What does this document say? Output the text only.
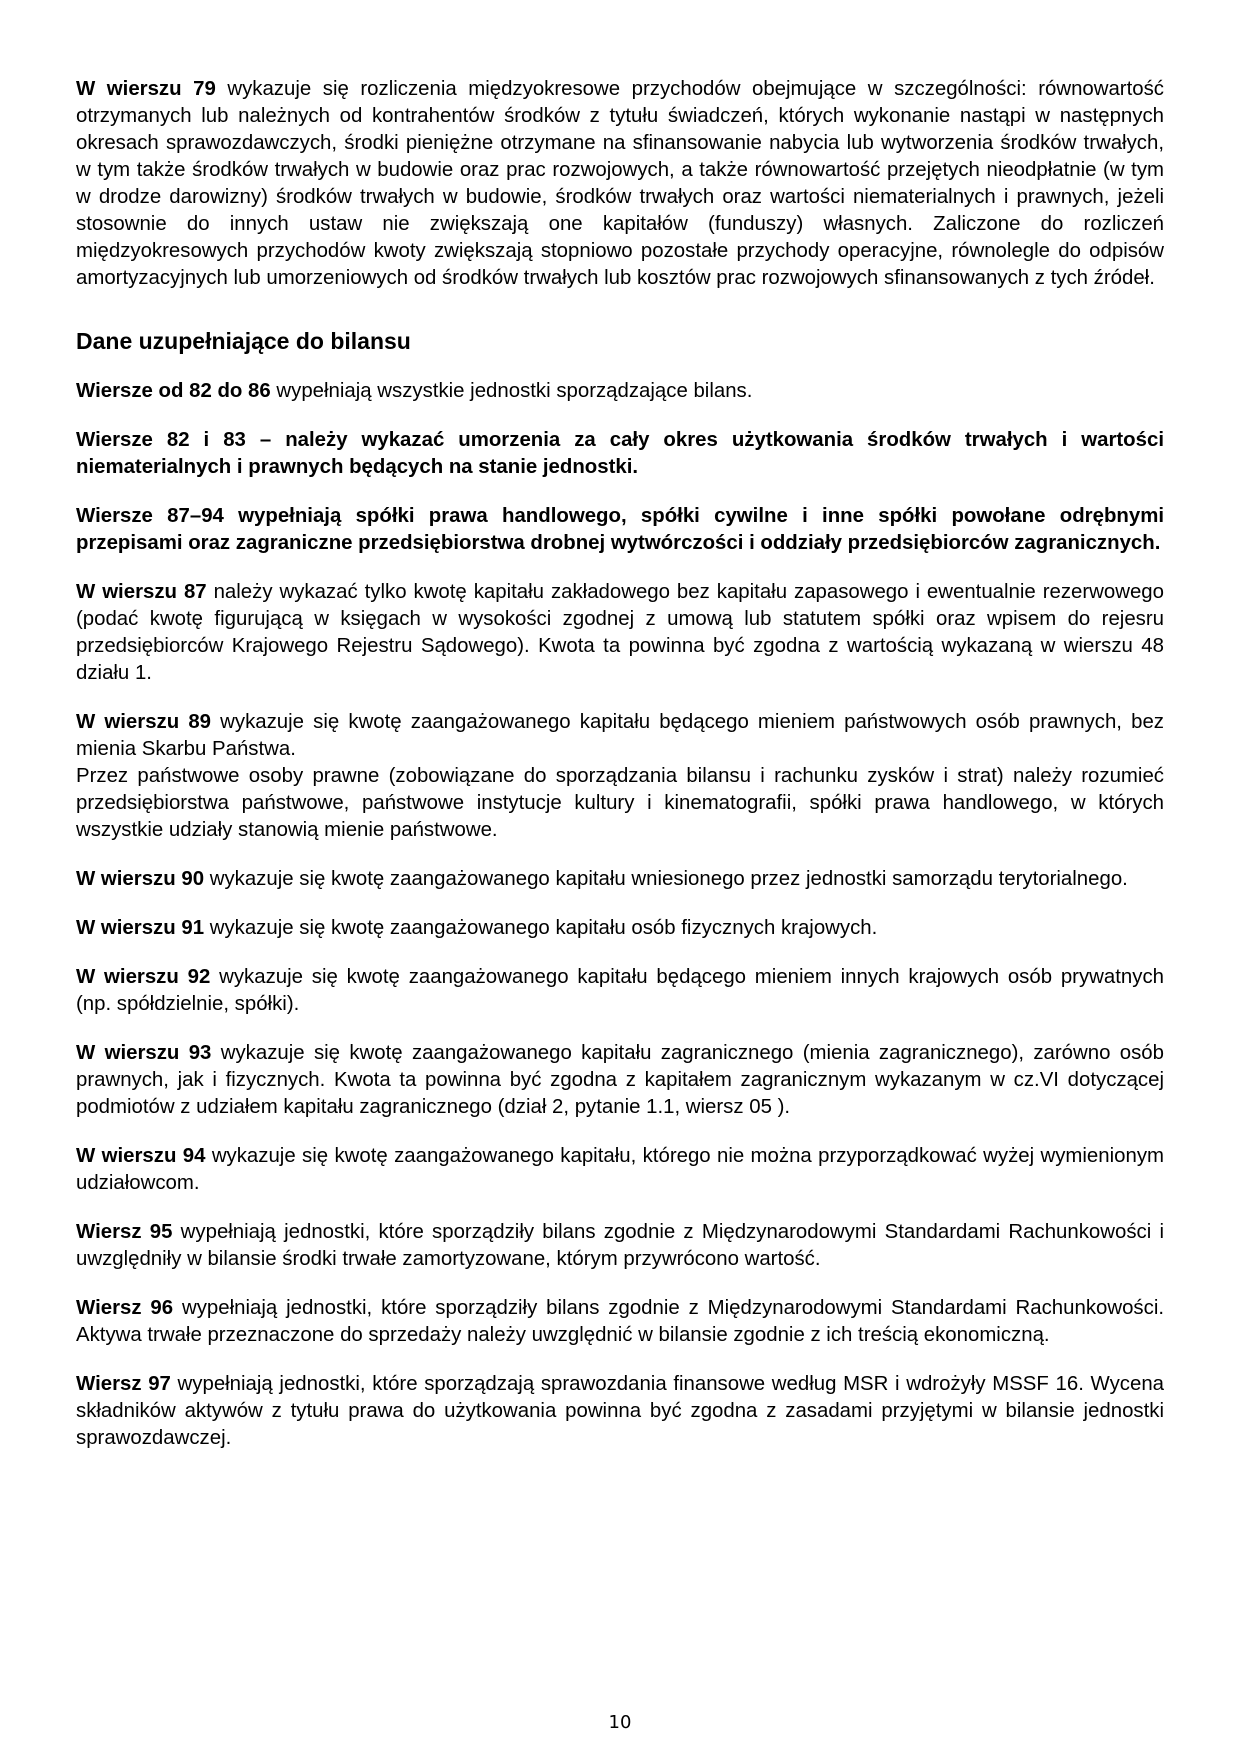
W wierszu 79 wykazuje się rozliczenia międzyokresowe przychodów obejmujące w szczególności: równowartość otrzymanych lub należnych od kontrahentów środków z tytułu świadczeń, których wykonanie nastąpi w następnych okresach sprawozdawczych, środki pieniężne otrzymane na sfinansowanie nabycia lub wytworzenia środków trwałych, w tym także środków trwałych w budowie oraz prac rozwojowych, a także równowartość przejętych nieodpłatnie (w tym w drodze darowizny) środków trwałych w budowie, środków trwałych oraz wartości niematerialnych i prawnych, jeżeli stosownie do innych ustaw nie zwiększają one kapitałów (funduszy) własnych. Zaliczone do rozliczeń międzyokresowych przychodów kwoty zwiększają stopniowo pozostałe przychody operacyjne, równolegle do odpisów amortyzacyjnych lub umorzeniowych od środków trwałych lub kosztów prac rozwojowych sfinansowanych z tych źródeł.

Dane uzupełniające do bilansu

Wiersze od 82 do 86 wypełniają wszystkie jednostki sporządzające bilans.

Wiersze 82 i 83 – należy wykazać umorzenia za cały okres użytkowania środków trwałych i wartości niematerialnych i prawnych będących na stanie jednostki.

Wiersze 87–94 wypełniają spółki prawa handlowego, spółki cywilne i inne spółki powołane odrębnymi przepisami oraz zagraniczne przedsiębiorstwa drobnej wytwórczości i oddziały przedsiębiorców zagranicznych.

W wierszu 87 należy wykazać tylko kwotę kapitału zakładowego bez kapitału zapasowego i ewentualnie rezerwowego (podać kwotę figurującą w księgach w wysokości zgodnej z umową lub statutem spółki oraz wpisem do rejesru przedsiębiorców Krajowego Rejestru Sądowego). Kwota ta powinna być zgodna z wartością wykazaną w wierszu 48 działu 1.

W wierszu 89 wykazuje się kwotę zaangażowanego kapitału będącego mieniem państwowych osób prawnych, bez mienia Skarbu Państwa.
Przez państwowe osoby prawne (zobowiązane do sporządzania bilansu i rachunku zysków i strat) należy rozumieć przedsiębiorstwa państwowe, państwowe instytucje kultury i kinematografii, spółki prawa handlowego, w których wszystkie udziały stanowią mienie państwowe.

W wierszu 90 wykazuje się kwotę zaangażowanego kapitału wniesionego przez jednostki samorządu terytorialnego.

W wierszu 91 wykazuje się kwotę zaangażowanego kapitału osób fizycznych krajowych.

W wierszu 92 wykazuje się kwotę zaangażowanego kapitału będącego mieniem innych krajowych osób prywatnych (np. spółdzielnie, spółki).

W wierszu 93 wykazuje się kwotę zaangażowanego kapitału zagranicznego (mienia zagranicznego), zarówno osób prawnych, jak i fizycznych. Kwota ta powinna być zgodna z kapitałem zagranicznym wykazanym w cz.VI dotyczącej podmiotów z udziałem kapitału zagranicznego (dział 2, pytanie 1.1, wiersz 05 ).

W wierszu 94 wykazuje się kwotę zaangażowanego kapitału, którego nie można przyporządkować wyżej wymienionym udziałowcom.

Wiersz 95 wypełniają jednostki, które sporządziły bilans zgodnie z Międzynarodowymi Standardami Rachunkowości i uwzględniły w bilansie środki trwałe zamortyzowane, którym przywrócono wartość.

Wiersz 96 wypełniają jednostki, które sporządziły bilans zgodnie z Międzynarodowymi Standardami Rachunkowości. Aktywa trwałe przeznaczone do sprzedaży należy uwzględnić w bilansie zgodnie z ich treścią ekonomiczną.

Wiersz 97 wypełniają jednostki, które sporządzają sprawozdania finansowe według MSR i wdrożyły MSSF 16. Wycena składników aktywów z tytułu prawa do użytkowania powinna być zgodna z zasadami przyjętymi w bilansie jednostki sprawozdawczej.

10
